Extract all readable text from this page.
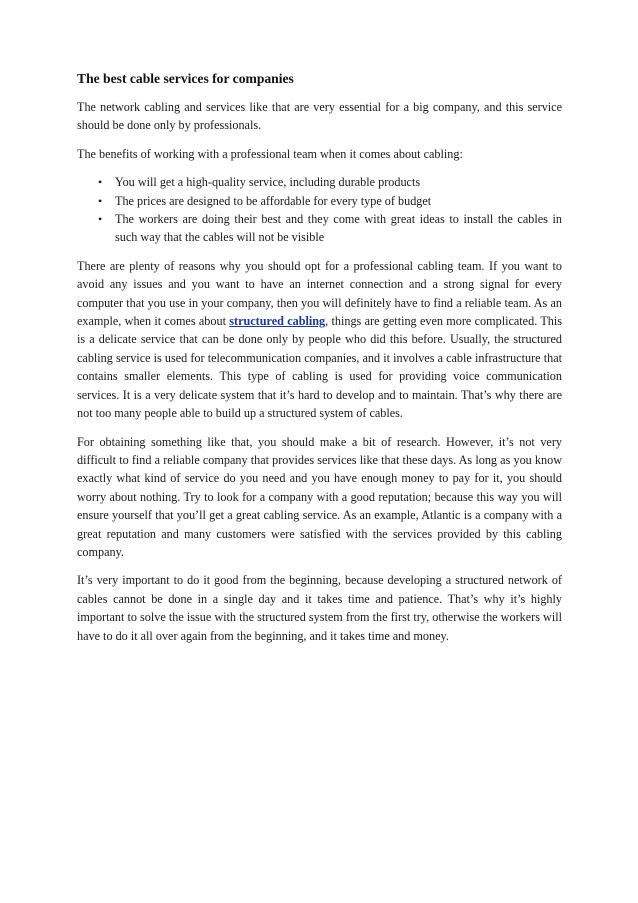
The best cable services for companies

The network cabling and services like that are very essential for a big company, and this service should be done only by professionals.

The benefits of working with a professional team when it comes about cabling:

• You will get a high-quality service, including durable products
• The prices are designed to be affordable for every type of budget
• The workers are doing their best and they come with great ideas to install the cables in such way that the cables will not be visible

There are plenty of reasons why you should opt for a professional cabling team. If you want to avoid any issues and you want to have an internet connection and a strong signal for every computer that you use in your company, then you will definitely have to find a reliable team. As an example, when it comes about structured cabling, things are getting even more complicated. This is a delicate service that can be done only by people who did this before. Usually, the structured cabling service is used for telecommunication companies, and it involves a cable infrastructure that contains smaller elements. This type of cabling is used for providing voice communication services. It is a very delicate system that it’s hard to develop and to maintain. That’s why there are not too many people able to build up a structured system of cables.

For obtaining something like that, you should make a bit of research. However, it’s not very difficult to find a reliable company that provides services like that these days. As long as you know exactly what kind of service do you need and you have enough money to pay for it, you should worry about nothing. Try to look for a company with a good reputation; because this way you will ensure yourself that you’ll get a great cabling service. As an example, Atlantic is a company with a great reputation and many customers were satisfied with the services provided by this cabling company.

It’s very important to do it good from the beginning, because developing a structured network of cables cannot be done in a single day and it takes time and patience. That’s why it’s highly important to solve the issue with the structured system from the first try, otherwise the workers will have to do it all over again from the beginning, and it takes time and money.
